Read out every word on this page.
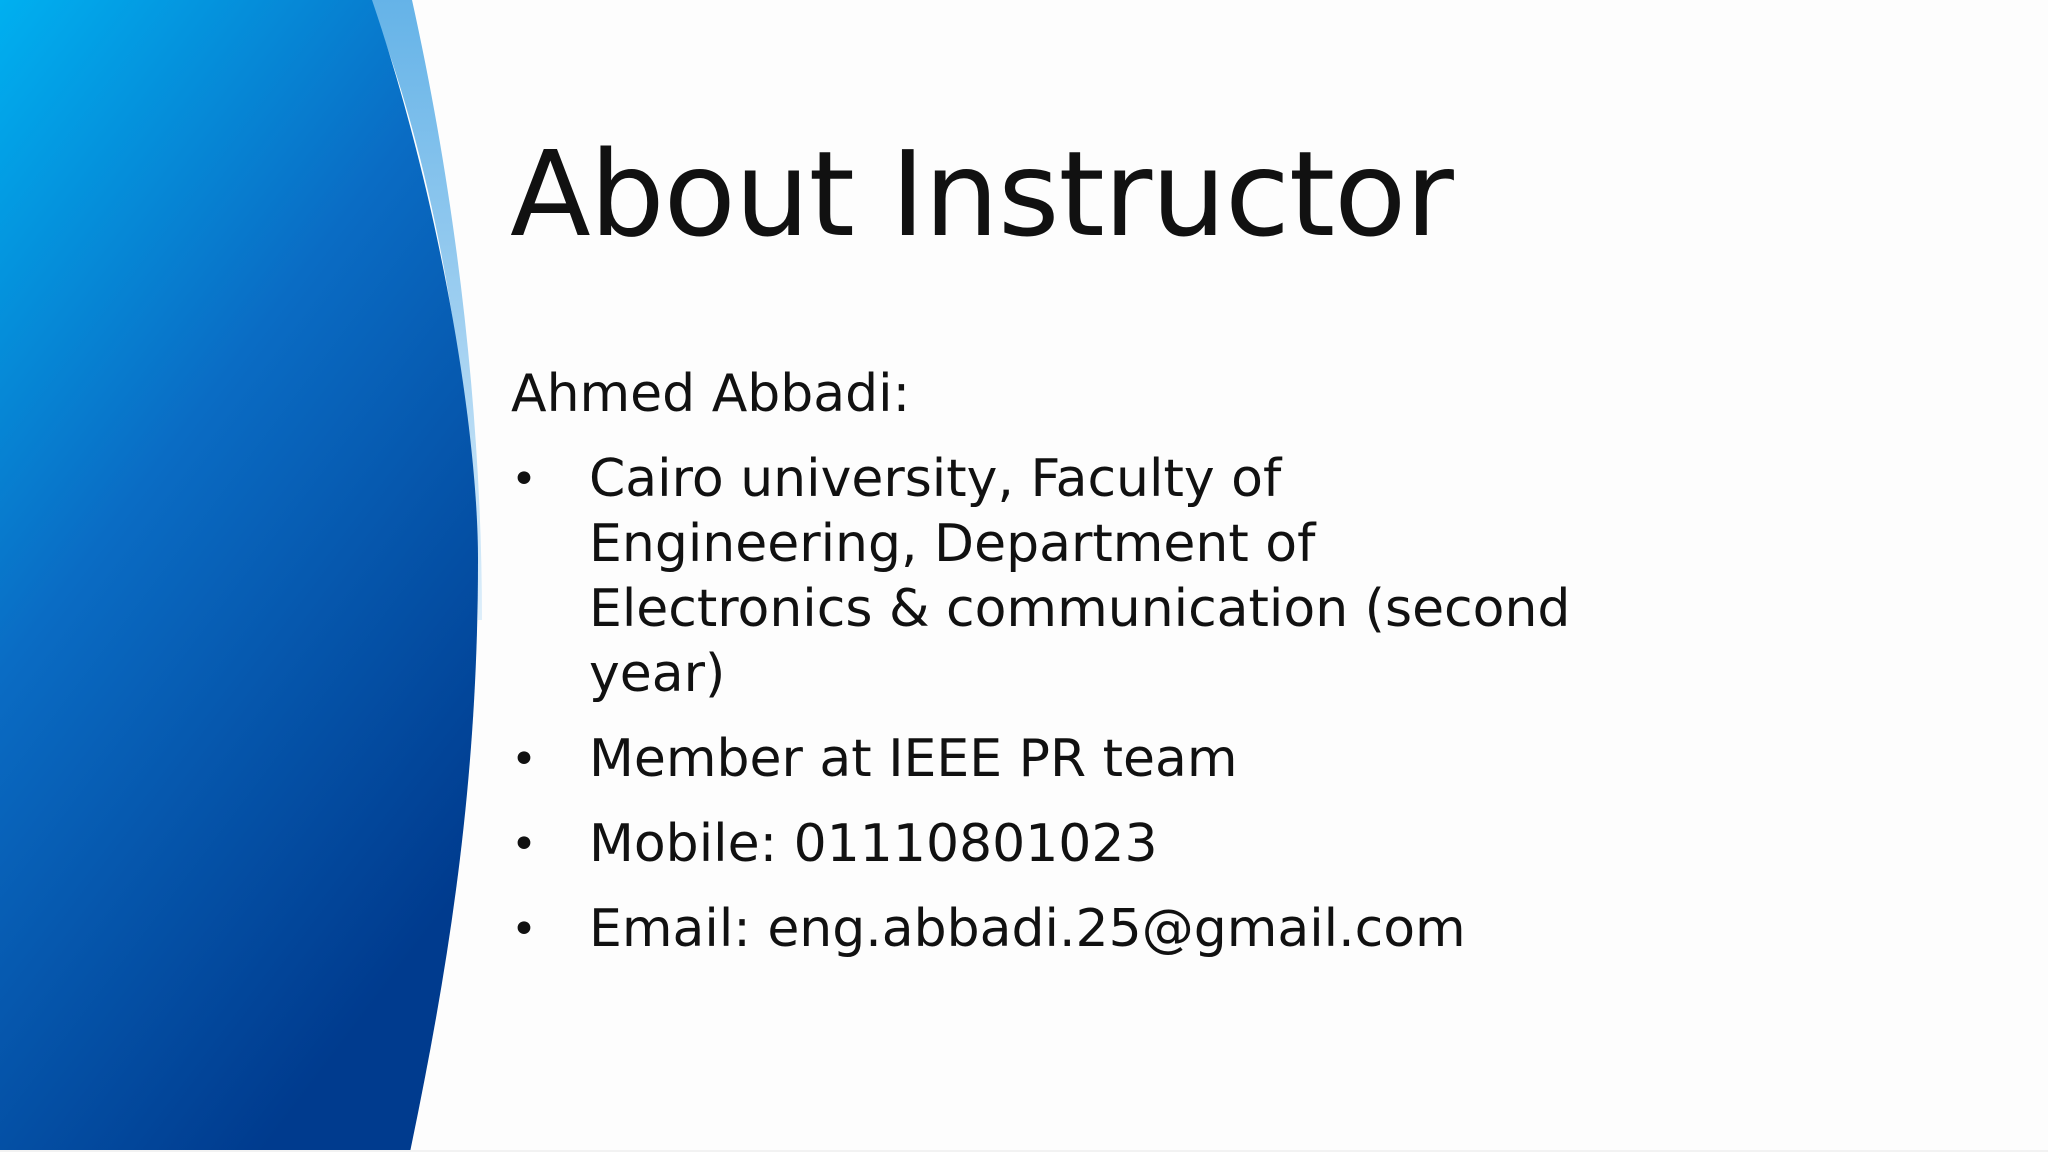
About Instructor

Ahmed Abbadi:

• Cairo university, Faculty of Engineering, Department of Electronics & communication (second year)
• Member at IEEE PR team
• Mobile: 01110801023
• Email: eng.abbadi.25@gmail.com
